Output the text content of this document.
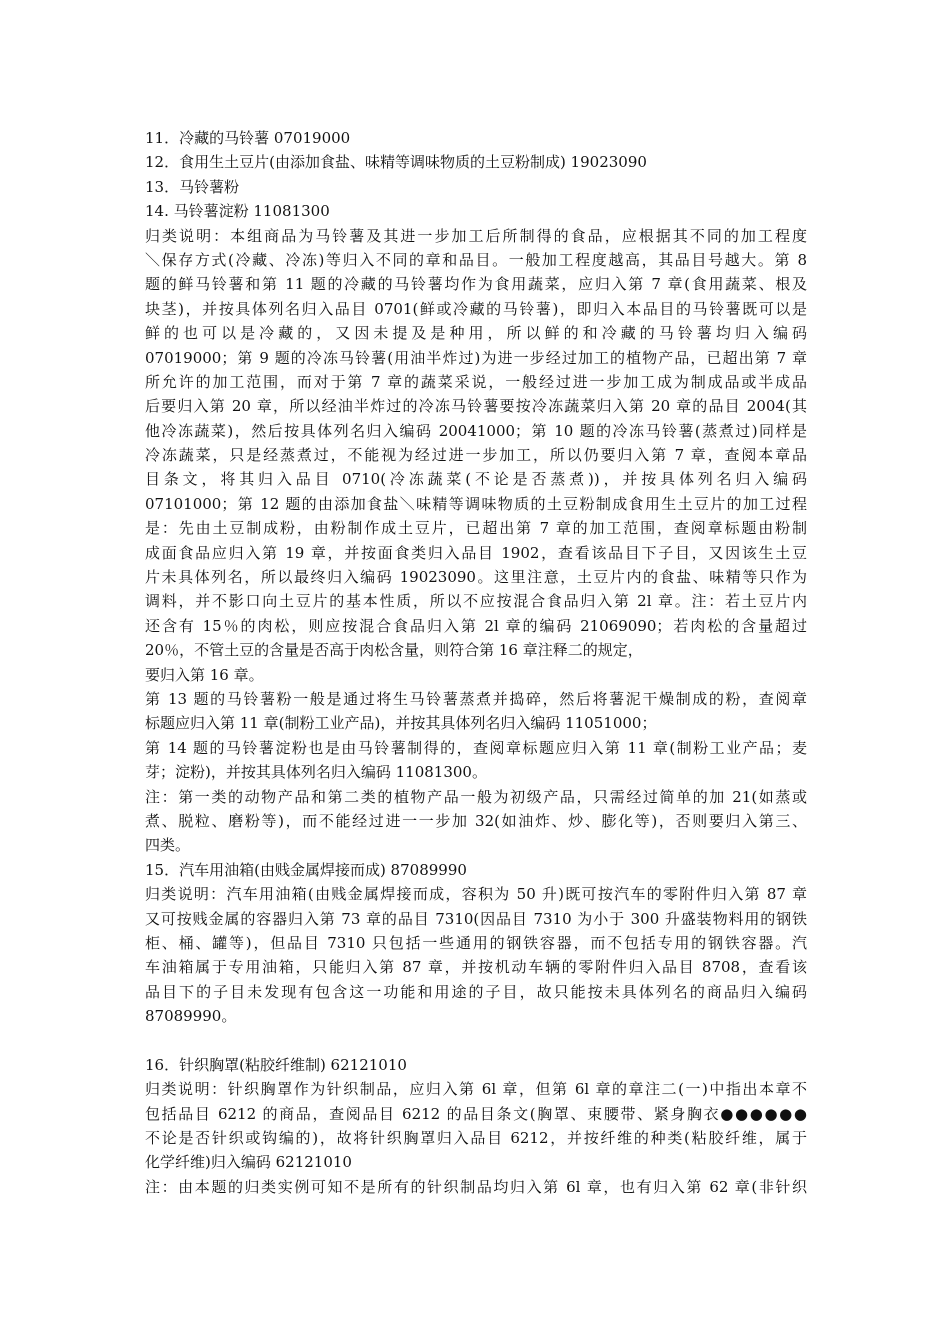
11．冷藏的马铃薯 07019000
12．食用生土豆片(由添加食盐、味精等调味物质的土豆粉制成) 19023090
13．马铃薯粉
14. 马铃薯淀粉 11081300
归类说明：本组商品为马铃薯及其进一步加工后所制得的食品，应根据其不同的加工程度
＼保存方式(冷藏、冷冻)等归入不同的章和品目。一般加工程度越高，其品目号越大。第 8
题的鲜马铃薯和第 11 题的冷藏的马铃薯均作为食用蔬菜，应归入第 7 章(食用蔬菜、根及
块茎)，并按具体列名归入品目 0701(鲜或冷藏的马铃薯)，即归入本品目的马铃薯既可以是
鲜的也可以是冷藏的，又因未提及是种用，所以鲜的和冷藏的马铃薯均归入编码
07019000；第 9 题的冷冻马铃薯(用油半炸过)为进一步经过加工的植物产品，已超出第 7 章
所允许的加工范围，而对于第 7 章的蔬菜采说，一般经过进一步加工成为制成品或半成品
后要归入第 20 章，所以经油半炸过的冷冻马铃薯要按冷冻蔬菜归入第 20 章的品目 2004(其
他冷冻蔬菜)，然后按具体列名归入编码 20041000；第 10 题的冷冻马铃薯(蒸煮过)同样是
冷冻蔬菜，只是经蒸煮过，不能视为经过进一步加工，所以仍要归入第 7 章，查阅本章品
目条文，将其归入品目 0710(冷冻蔬菜(不论是否蒸煮))，并按具体列名归入编码
07101000；第 12 题的由添加食盐＼味精等调味物质的土豆粉制成食用生土豆片的加工过程
是：先由土豆制成粉，由粉制作成土豆片，已超出第 7 章的加工范围，查阅章标题由粉制
成面食品应归入第 19 章，并按面食类归入品目 1902，查看该品目下子目，又因该生土豆
片未具体列名，所以最终归入编码 19023090。这里注意，土豆片内的食盐、味精等只作为
调料，并不影口向土豆片的基本性质，所以不应按混合食品归入第 2l 章。注：若土豆片内
还含有 15％的肉松，则应按混合食品归入第 2l 章的编码 21069090；若肉松的含量超过
20％，不管土豆的含量是否高于肉松含量，则符合第 16 章注释二的规定，
要归入第 16 章。
第 13 题的马铃薯粉一般是通过将生马铃薯蒸煮并捣碎，然后将薯泥干燥制成的粉，查阅章
标题应归入第 11 章(制粉工业产品)，并按其具体列名归入编码 11051000；
第 14 题的马铃薯淀粉也是由马铃薯制得的，查阅章标题应归入第 11 章(制粉工业产品；麦
芽；淀粉)，并按其具体列名归入编码 11081300。
注：第一类的动物产品和第二类的植物产品一般为初级产品，只需经过简单的加 21(如蒸或
煮、脱粒、磨粉等)，而不能经过进一一步加 32(如油炸、炒、膨化等)，否则要归入第三、
四类。
15．汽车用油箱(由贱金属焊接而成) 87089990
归类说明：汽车用油箱(由贱金属焊接而成，容积为 50 升)既可按汽车的零附件归入第 87 章
又可按贱金属的容器归入第 73 章的品目 7310(因品目 7310 为小于 300 升盛装物料用的钢铁
柜、桶、罐等)，但品目 7310 只包括一些通用的钢铁容器，而不包括专用的钢铁容器。汽
车油箱属于专用油箱，只能归入第 87 章，并按机动车辆的零附件归入品目 8708，查看该
品目下的子目未发现有包含这一功能和用途的子目，故只能按未具体列名的商品归入编码
87089990。
16．针织胸罩(粘胶纤维制) 62121010
归类说明：针织胸罩作为针织制品，应归入第 6l 章，但第 6l 章的章注二(一)中指出本章不
包括品目 6212 的商品，查阅品目 6212 的品目条文(胸罩、束腰带、紧身胸衣●●●●●●
不论是否针织或钩编的)，故将针织胸罩归入品目 6212，并按纤维的种类(粘胶纤维，属于
化学纤维)归入编码 62121010
注：由本题的归类实例可知不是所有的针织制品均归入第 6l 章，也有归入第 62 章(非针织
